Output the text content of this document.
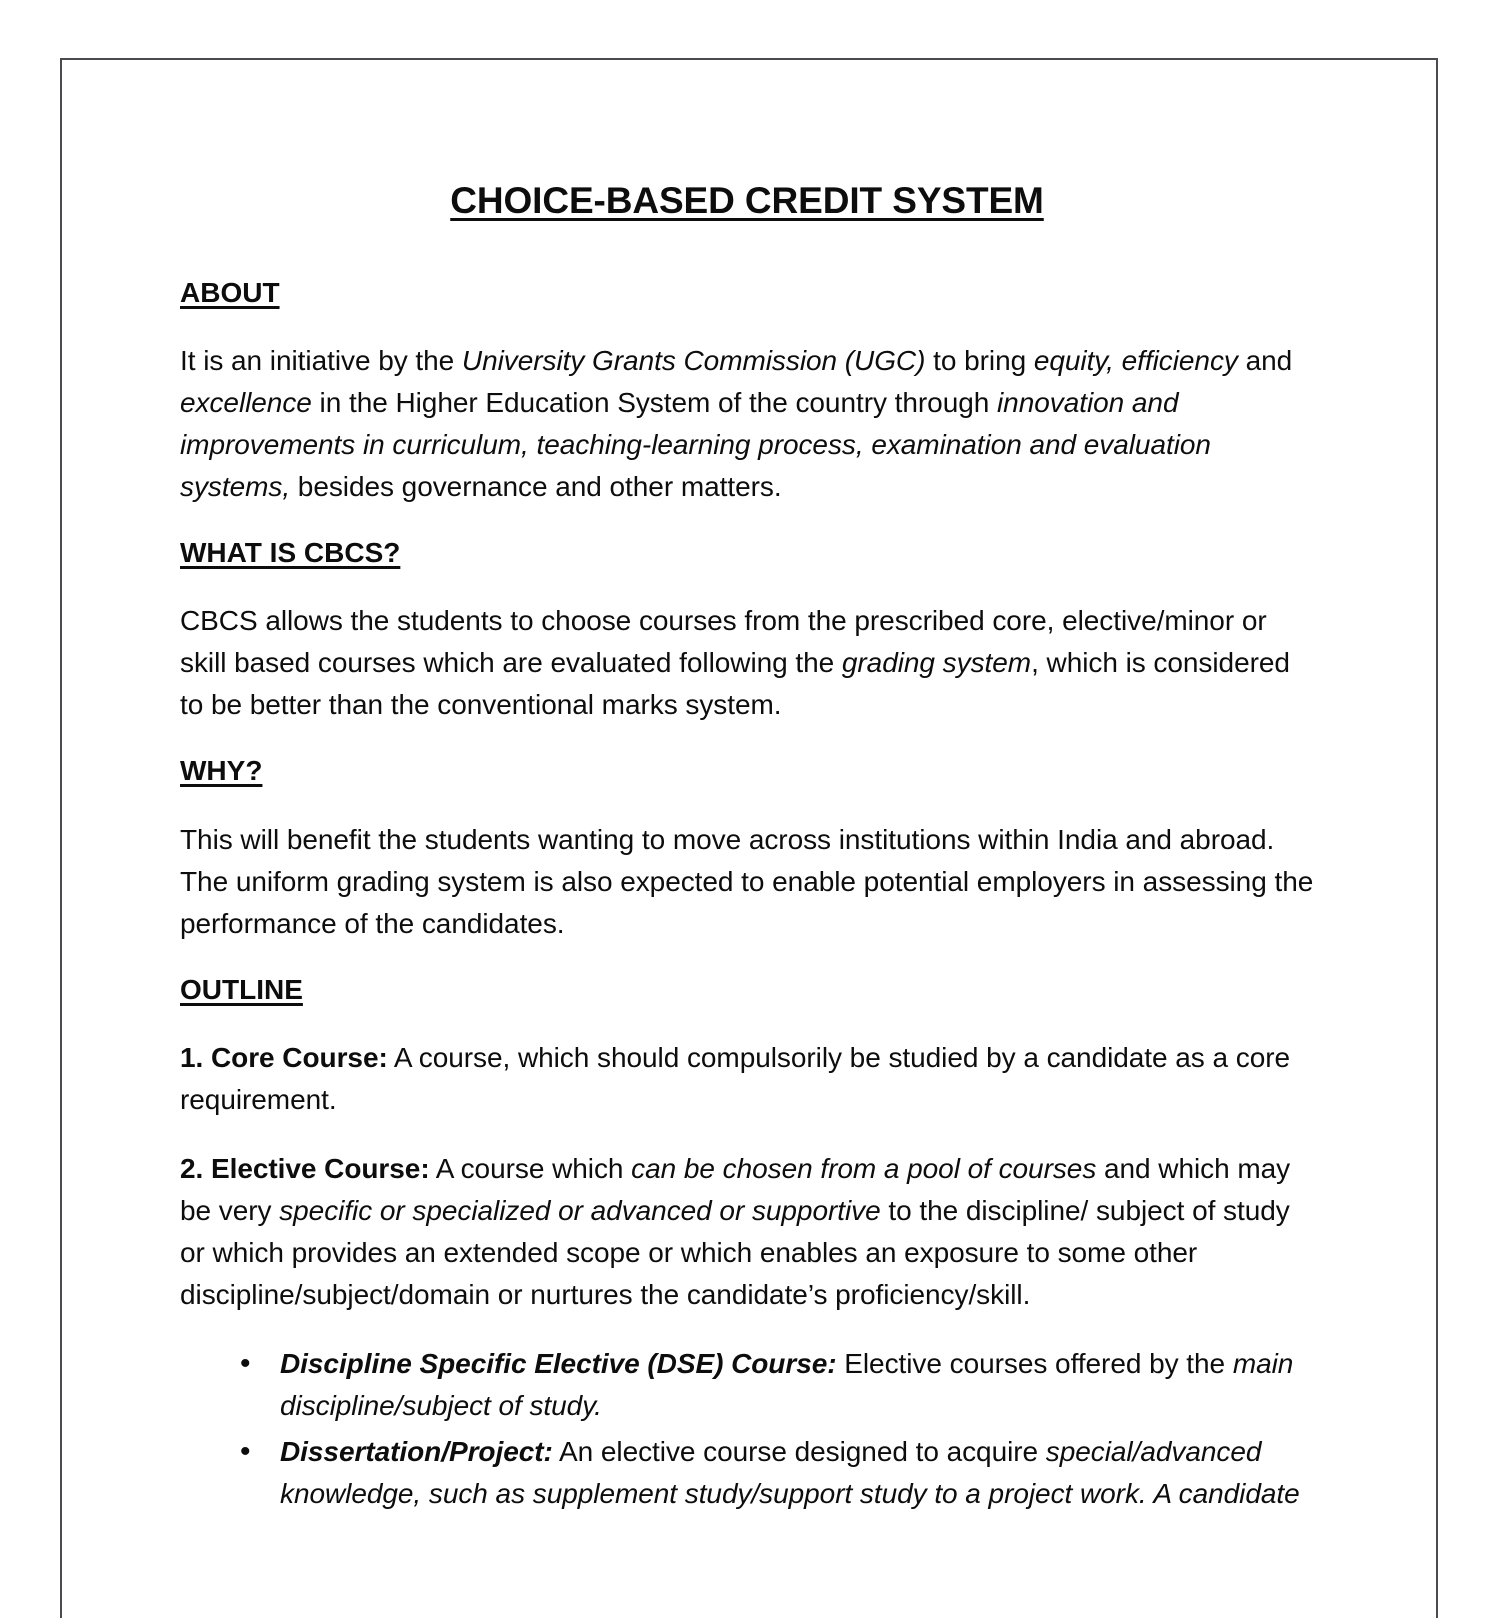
CHOICE-BASED CREDIT SYSTEM
ABOUT

It is an initiative by the University Grants Commission (UGC) to bring equity, efficiency and excellence in the Higher Education System of the country through innovation and improvements in curriculum, teaching-learning process, examination and evaluation systems, besides governance and other matters.

WHAT IS CBCS?

CBCS allows the students to choose courses from the prescribed core, elective/minor or skill based courses which are evaluated following the grading system, which is considered to be better than the conventional marks system.

WHY?

This will benefit the students wanting to move across institutions within India and abroad. The uniform grading system is also expected to enable potential employers in assessing the performance of the candidates.

OUTLINE

1. Core Course: A course, which should compulsorily be studied by a candidate as a core requirement.

2. Elective Course: A course which can be chosen from a pool of courses and which may be very specific or specialized or advanced or supportive to the discipline/ subject of study or which provides an extended scope or which enables an exposure to some other discipline/subject/domain or nurtures the candidate’s proficiency/skill.

• Discipline Specific Elective (DSE) Course: Elective courses offered by the main discipline/subject of study.
• Dissertation/Project: An elective course designed to acquire special/advanced knowledge, such as supplement study/support study to a project work. A candidate
